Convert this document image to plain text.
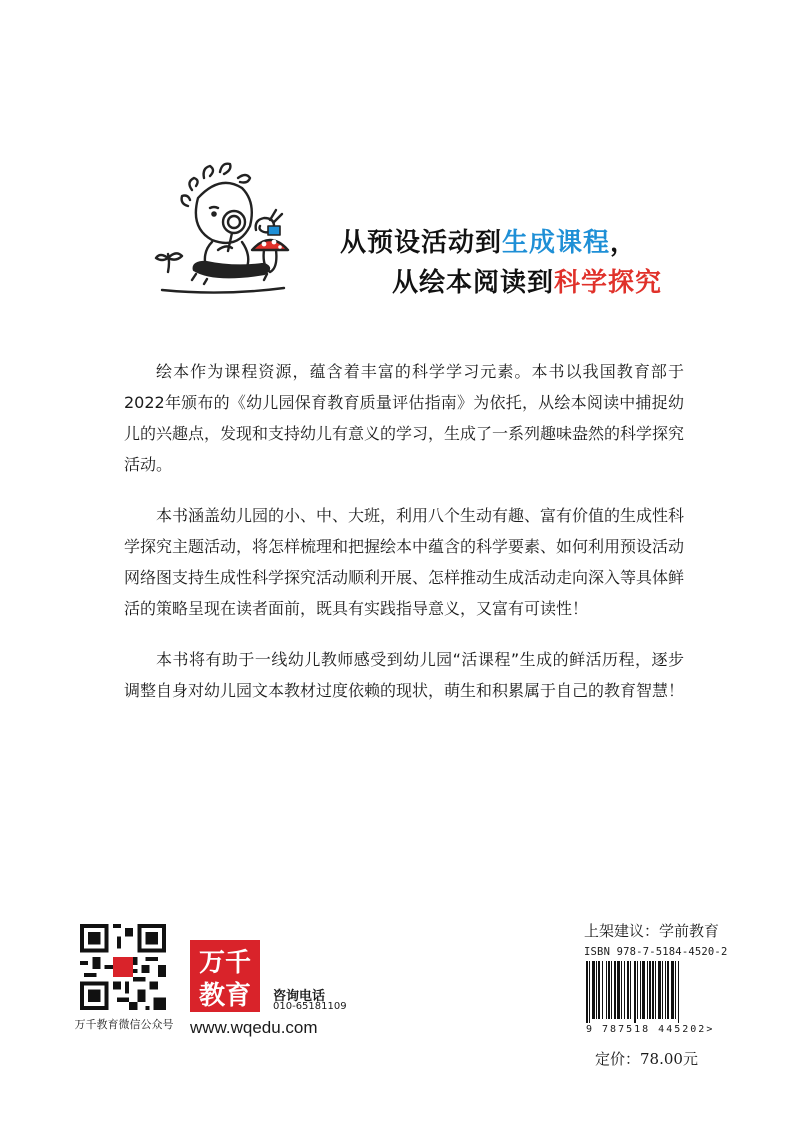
从预设活动到生成课程，
从绘本阅读到科学探究

绘本作为课程资源，蕴含着丰富的科学学习元素。本书以我国教育部于2022年颁布的《幼儿园保育教育质量评估指南》为依托，从绘本阅读中捕捉幼儿的兴趣点，发现和支持幼儿有意义的学习，生成了一系列趣味盎然的科学探究活动。

本书涵盖幼儿园的小、中、大班，利用八个生动有趣、富有价值的生成性科学探究主题活动，将怎样梳理和把握绘本中蕴含的科学要素、如何利用预设活动网络图支持生成性科学探究活动顺利开展、怎样推动生成活动走向深入等具体鲜活的策略呈现在读者面前，既具有实践指导意义，又富有可读性！

本书将有助于一线幼儿教师感受到幼儿园“活课程”生成的鲜活历程，逐步调整自身对幼儿园文本教材过度依赖的现状，萌生和积累属于自己的教育智慧！

万千教育微信公众号
万千
教育 咨询电话
010-65181109
www.wqedu.com
上架建议：学前教育
ISBN 978-7-5184-4520-2
9 787518 445202>
定价：78.00元
